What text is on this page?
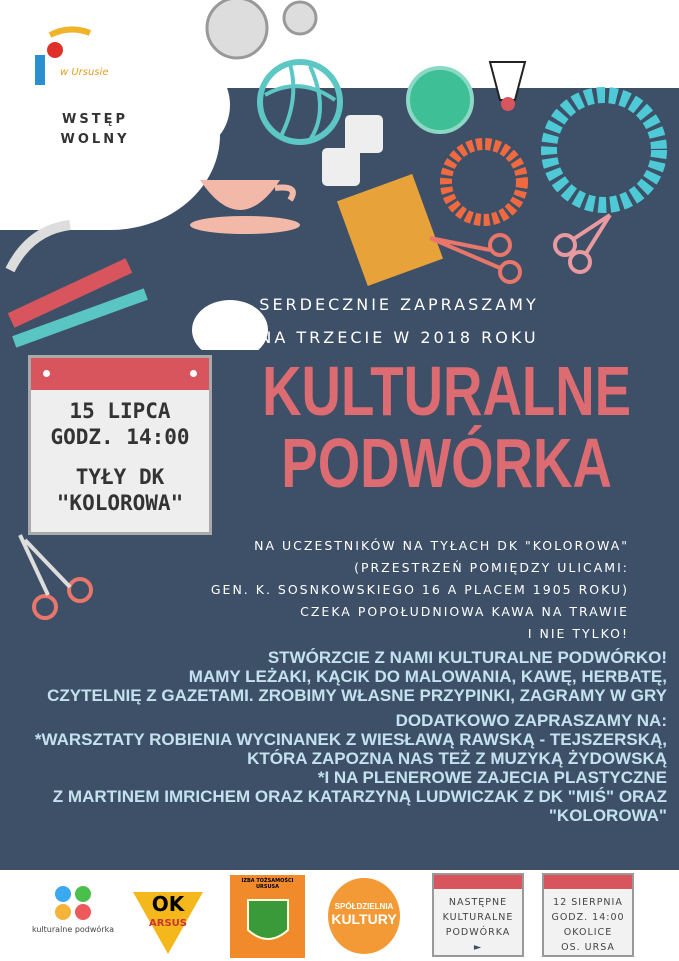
w Ursusie
WSTĘP
WOLNY
SERDECZNIE ZAPRASZAMY
NA TRZECIE W 2018 ROKU
KULTURALNE
PODWÓRKA
15 LIPCA
GODZ. 14:00
TYŁY DK
"KOLOROWA"
NA UCZESTNIKÓW NA TYŁACH DK "KOLOROWA"
(PRZESTRZEŃ POMIĘDZY ULICAMI:
GEN. K. SOSNKOWSKIEGO 16 A PLACEM 1905 ROKU)
CZEKA POPOŁUDNIOWA KAWA NA TRAWIE
I NIE TYLKO!
STWÓRZCIE Z NAMI KULTURALNE PODWÓRKO!
MAMY LEŻAKI, KĄCIK DO MALOWANIA, KAWĘ, HERBATĘ,
CZYTELNIĘ Z GAZETAMI. ZROBIMY WŁASNE PRZYPINKI, ZAGRAMY W GRY
DODATKOWO ZAPRASZAMY NA:
*WARSZTATY ROBIENIA WYCINANEK Z WIESŁAWĄ RAWSKĄ - TEJSZERSKĄ,
KTÓRA ZAPOZNA NAS TEŻ Z MUZYKĄ ŻYDOWSKĄ
*I NA PLENEROWE ZAJECIA PLASTYCZNE
Z MARTINEM IMRICHEM ORAZ KATARZYNĄ LUDWICZAK Z DK "MIŚ" ORAZ "KOLOROWA"
kulturalne podwórka
OK
ARSUS
IZBA TOŻSAMOŚCI URSUSA
SPÓŁDZIELNIA
KULTURY
NASTĘPNE
KULTURALNE
PODWÓRKA
►
12 SIERPNIA
GODZ. 14:00
OKOLICE
OS. URSA
